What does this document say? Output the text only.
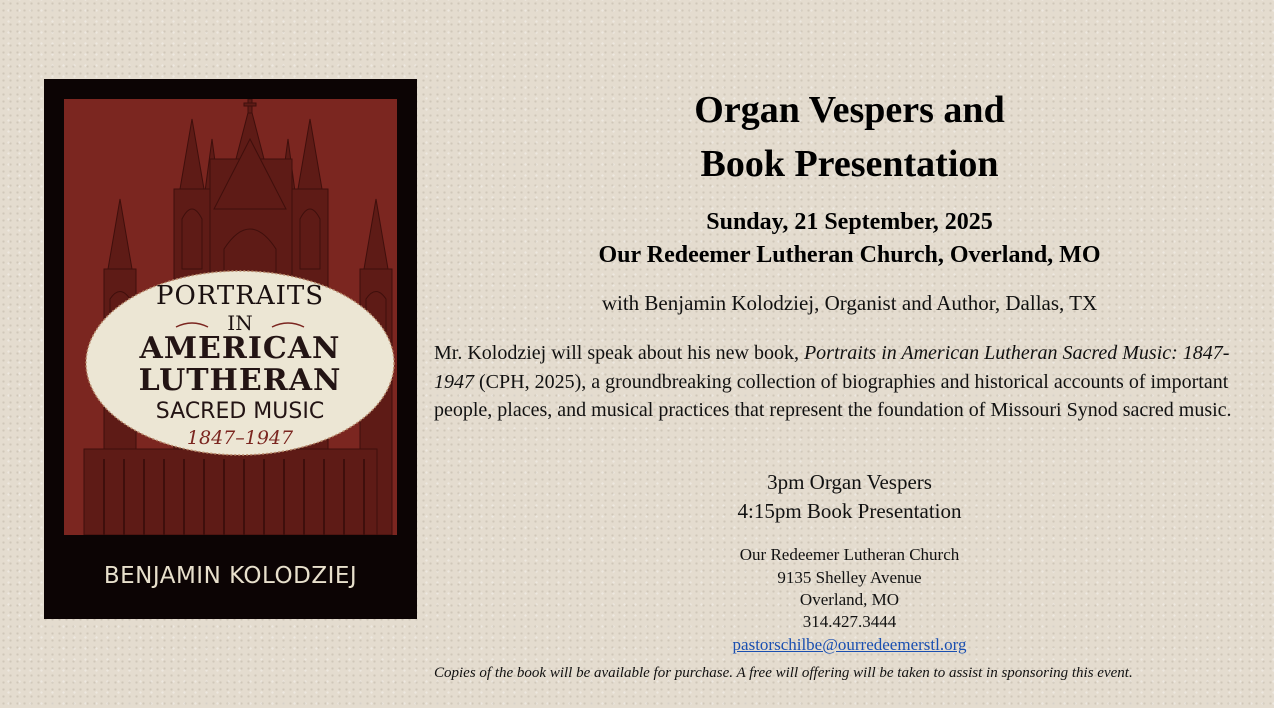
PORTRAITS
IN
AMERICAN
LUTHERAN
SACRED MUSIC
1847–1947
BENJAMIN KOLODZIEJ
Organ Vespers and
Book Presentation
Sunday, 21 September, 2025
Our Redeemer Lutheran Church, Overland, MO
with Benjamin Kolodziej, Organist and Author, Dallas, TX

Mr. Kolodziej will speak about his new book, Portraits in American Lutheran Sacred Music: 1847-1947 (CPH, 2025), a groundbreaking collection of biographies and historical accounts of important people, places, and musical practices that represent the foundation of Missouri Synod sacred music.

3pm Organ Vespers
4:15pm Book Presentation
Our Redeemer Lutheran Church
9135 Shelley Avenue
Overland, MO
314.427.3444
pastorschilbe@ourredeemerstl.org

Copies of the book will be available for purchase. A free will offering will be taken to assist in sponsoring this event.
